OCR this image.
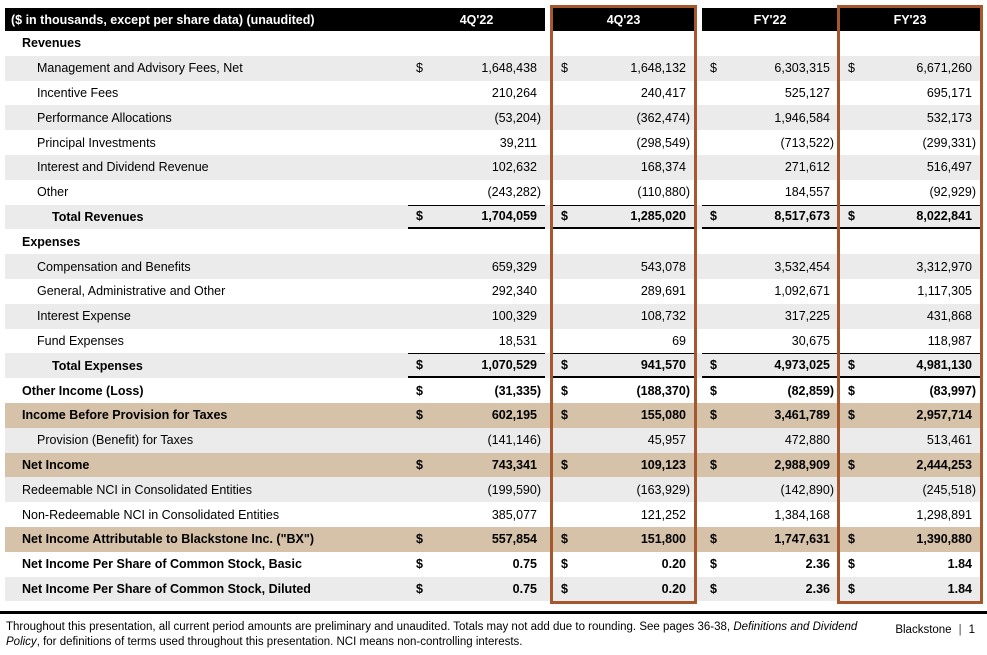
($ in thousands, except per share data) (unaudited)	4Q'22	4Q'23	FY'22	FY'23
Revenues
Management and Advisory Fees, Net	$	1,648,438 $	1,648,132 $	6,303,315 $	6,671,260
Incentive Fees	210,264	240,417	525,127	695,171
Performance Allocations	(53,204)	(362,474)	1,946,584	532,173
Principal Investments	39,211	(298,549)	(713,522)	(299,331)
Interest and Dividend Revenue	102,632	168,374	271,612	516,497
Other	(243,282)	(110,880)	184,557	(92,929)
Total Revenues	$	1,704,059 $	1,285,020 $	8,517,673 $	8,022,841
Expenses
Compensation and Benefits	659,329	543,078	3,532,454	3,312,970
General, Administrative and Other	292,340	289,691	1,092,671	1,117,305
Interest Expense	100,329	108,732	317,225	431,868
Fund Expenses	18,531	69	30,675	118,987
Total Expenses	$	1,070,529 $	941,570 $	4,973,025 $	4,981,130
Other Income (Loss)	$	(31,335) $	(188,370) $	(82,859) $	(83,997)
Income Before Provision for Taxes	$	602,195 $	155,080 $	3,461,789 $	2,957,714
Provision (Benefit) for Taxes	(141,146)	45,957	472,880	513,461
Net Income	$	743,341 $	109,123 $	2,988,909 $	2,444,253
Redeemable NCI in Consolidated Entities	(199,590)	(163,929)	(142,890)	(245,518)
Non-Redeemable NCI in Consolidated Entities	385,077	121,252	1,384,168	1,298,891
Net Income Attributable to Blackstone Inc. ("BX")	$	557,854 $	151,800 $	1,747,631 $	1,390,880
Net Income Per Share of Common Stock, Basic	$	0.75 $	0.20 $	2.36 $	1.84
Net Income Per Share of Common Stock, Diluted	$	0.75 $	0.20 $	2.36 $	1.84
Throughout this presentation, all current period amounts are preliminary and unaudited. Totals may not add due to rounding. See pages 36-38, Definitions and Dividend Policy, for definitions of terms used throughout this presentation. NCI means non-controlling interests.
Blackstone | 1
